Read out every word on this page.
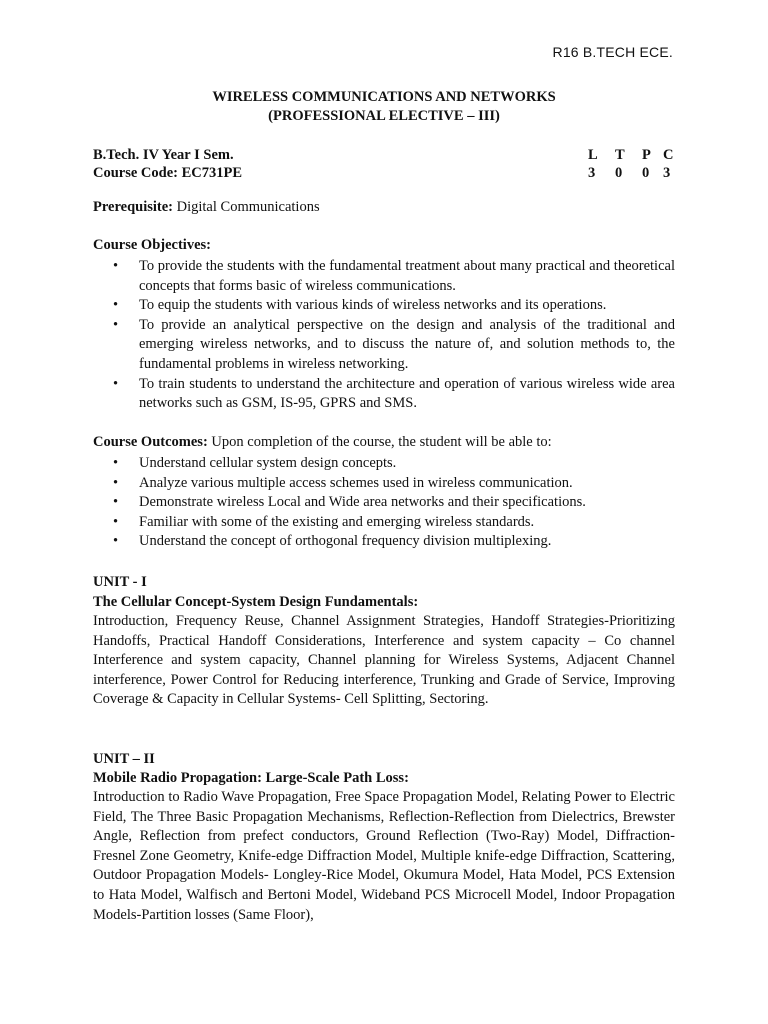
R16 B.TECH ECE.
WIRELESS COMMUNICATIONS AND NETWORKS
(PROFESSIONAL ELECTIVE – III)
B.Tech. IV Year I Sem.
Course Code: EC731PE
L	T	P C
3	0	0 3
Prerequisite: Digital Communications
Course Objectives:
• To provide the students with the fundamental treatment about many practical and theoretical concepts that forms basic of wireless communications.
• To equip the students with various kinds of wireless networks and its operations.
• To provide an analytical perspective on the design and analysis of the traditional and emerging wireless networks, and to discuss the nature of, and solution methods to, the fundamental problems in wireless networking.
• To train students to understand the architecture and operation of various wireless wide area networks such as GSM, IS-95, GPRS and SMS.
Course Outcomes: Upon completion of the course, the student will be able to:
• Understand cellular system design concepts.
• Analyze various multiple access schemes used in wireless communication.
• Demonstrate wireless Local and Wide area networks and their specifications.
• Familiar with some of the existing and emerging wireless standards.
• Understand the concept of orthogonal frequency division multiplexing.
UNIT - I
The Cellular Concept-System Design Fundamentals:
Introduction, Frequency Reuse, Channel Assignment Strategies, Handoff Strategies-Prioritizing Handoffs, Practical Handoff Considerations, Interference and system capacity – Co channel Interference and system capacity, Channel planning for Wireless Systems, Adjacent Channel interference, Power Control for Reducing interference, Trunking and Grade of Service, Improving Coverage & Capacity in Cellular Systems- Cell Splitting, Sectoring.
UNIT – II
Mobile Radio Propagation: Large-Scale Path Loss:
Introduction to Radio Wave Propagation, Free Space Propagation Model, Relating Power to Electric Field, The Three Basic Propagation Mechanisms, Reflection-Reflection from Dielectrics, Brewster Angle, Reflection from prefect conductors, Ground Reflection (Two-Ray) Model, Diffraction-Fresnel Zone Geometry, Knife-edge Diffraction Model, Multiple knife-edge Diffraction, Scattering, Outdoor Propagation Models- Longley-Rice Model, Okumura Model, Hata Model, PCS Extension to Hata Model, Walfisch and Bertoni Model, Wideband PCS Microcell Model, Indoor Propagation Models-Partition losses (Same Floor),
